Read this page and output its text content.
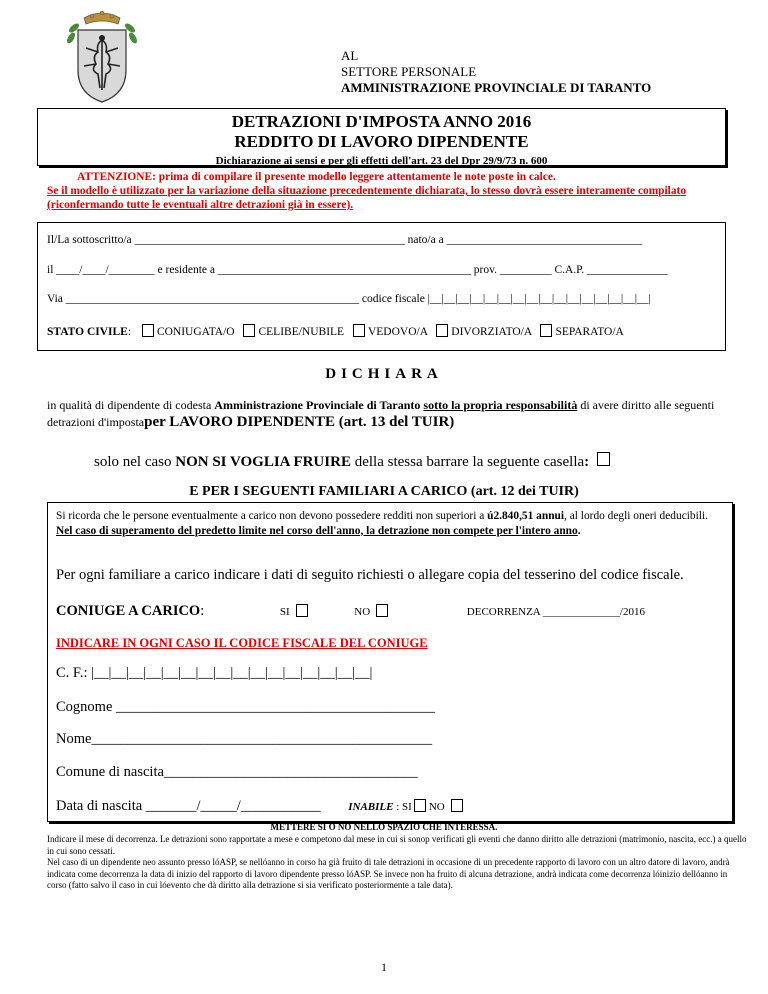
AL
SETTORE PERSONALE
AMMINISTRAZIONE PROVINCIALE DI TARANTO
DETRAZIONI D'IMPOSTA ANNO 2016
REDDITO DI LAVORO DIPENDENTE
Dichiarazione ai sensi e per gli effetti dell'art. 23 del Dpr 29/9/73 n. 600
ATTENZIONE: prima di compilare il presente modello leggere attentamente le note poste in calce.
Se il modello è utilizzato per la variazione della situazione precedentemente dichiarata, lo stesso dovrà essere interamente compilato (riconfermando tutte le eventuali altre detrazioni già in essere).
Il/La sottoscritto/a _______________________________________________ nato/a a __________________________________
il ____/____/________ e residente a ____________________________________________ prov. _________ C.A.P. ______________
Via ___________________________________________________ codice fiscale |__|__|__|__|__|__|__|__|__|__|__|__|__|__|__|__|
STATO CIVILE: CONIUGATA/O CELIBE/NUBILE VEDOVO/A DIVORZIATO/A SEPARATO/A
DICHIARA
in qualità di dipendente di codesta Amministrazione Provinciale di Taranto sotto la propria responsabilità di avere diritto alle seguenti detrazioni d'impostaper LAVORO DIPENDENTE (art. 13 del TUIR)
solo nel caso NON SI VOGLIA FRUIRE della stessa barrare la seguente casella:
E PER I SEGUENTI FAMILIARI A CARICO (art. 12 dei TUIR)
Si ricorda che le persone eventualmente a carico non devono possedere redditi non superiori a ú2.840,51 annui, al lordo degli oneri deducibili. Nel caso di superamento del predetto limite nel corso dell'anno, la detrazione non compete per l'intero anno.
Per ogni familiare a carico indicare i dati di seguito richiesti o allegare copia del tesserino del codice fiscale.
CONIUGE A CARICO:	SI	NO	DECORRENZA ______________/2016
INDICARE IN OGNI CASO IL CODICE FISCALE DEL CONIUGE
C. F.: |__|__|__|__|__|__|__|__|__|__|__|__|__|__|__|__|
Cognome ____________________________________________
Nome_______________________________________________
Comune di nascita___________________________________
Data di nascita _______/_____/___________	INABILE : SI NO
METTERE SI O NO NELLO SPAZIO CHE INTERESSA.
Indicare il mese di decorrenza. Le detrazioni sono rapportate a mese e competono dal mese in cui si sonop verificati gli eventi che danno diritto alle detrazioni (matrimonio, nascita, ecc.) a quello in cui sono cessati.
Nel caso di un dipendente neo assunto presso lóASP, se nellóanno in corso ha già fruito di tale detrazioni in occasione di un precedente rapporto di lavoro con un altro datore di lavoro, andrà indicata come decorrenza la data di inizio del rapporto di lavoro dipendente presso lóASP. Se invece non ha fruito di alcuna detrazione, andrà indicata come decorrenza lóinizio dellóanno in corso (fatto salvo il caso in cui lóevento che dà diritto alla detrazione si sia verificato posteriormente a tale data).
1
